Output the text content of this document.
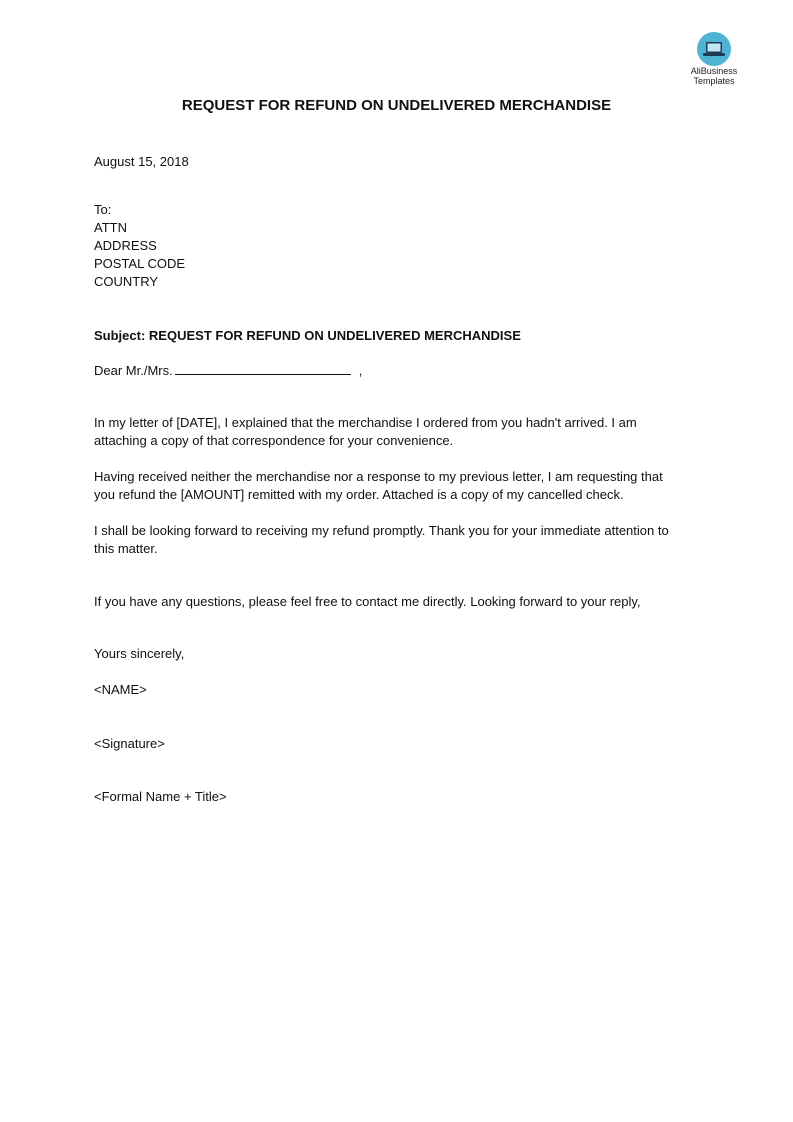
AliBusiness
Templates
REQUEST FOR REFUND ON UNDELIVERED MERCHANDISE

August 15, 2018

To:

ATTN

ADDRESS

POSTAL CODE

COUNTRY

Subject: REQUEST FOR REFUND ON UNDELIVERED MERCHANDISE

Dear Mr./Mrs.	,

In my letter of [DATE], I explained that the merchandise I ordered from you hadn't arrived. I am

attaching a copy of that correspondence for your convenience.

Having received neither the merchandise nor a response to my previous letter, I am requesting that

you refund the [AMOUNT] remitted with my order. Attached is a copy of my cancelled check.

I shall be looking forward to receiving my refund promptly. Thank you for your immediate attention to

this matter.

If you have any questions, please feel free to contact me directly. Looking forward to your reply,

Yours sincerely,

<NAME>

<Signature>

<Formal Name + Title>
